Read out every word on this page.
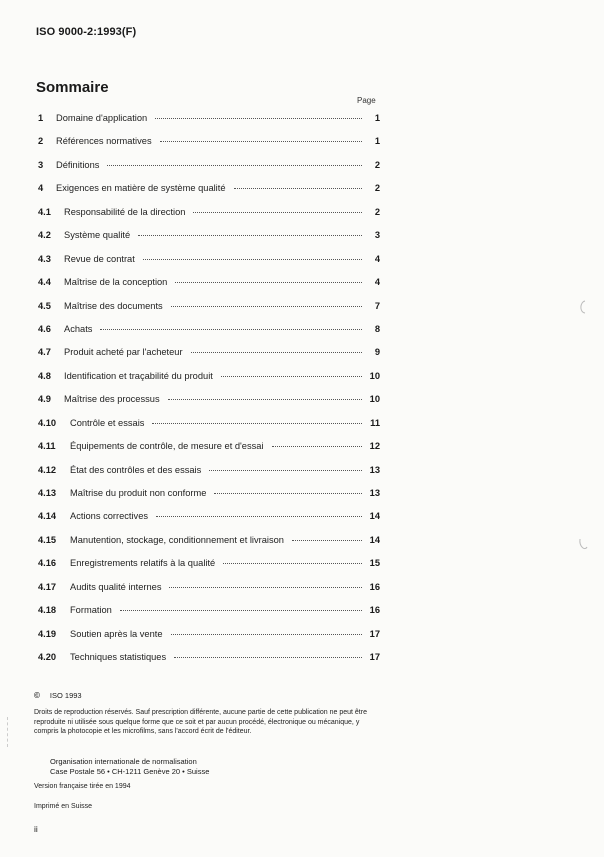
ISO 9000-2:1993(F)
Sommaire
Page
1	Domaine d'application	1
2	Références normatives	1
3	Définitions	2
4	Exigences en matière de système qualité	2
4.1	Responsabilité de la direction	2
4.2	Système qualité	3
4.3	Revue de contrat	4
4.4	Maîtrise de la conception	4
4.5	Maîtrise des documents	7
4.6	Achats	8
4.7	Produit acheté par l'acheteur	9
4.8	Identification et traçabilité du produit	10
4.9	Maîtrise des processus	10
4.10	Contrôle et essais	11
4.11	Équipements de contrôle, de mesure et d'essai	12
4.12	État des contrôles et des essais	13
4.13	Maîtrise du produit non conforme	13
4.14	Actions correctives	14
4.15	Manutention, stockage, conditionnement et livraison	14
4.16	Enregistrements relatifs à la qualité	15
4.17	Audits qualité internes	16
4.18	Formation	16
4.19	Soutien après la vente	17
4.20	Techniques statistiques	17
© ISO 1993
Droits de reproduction réservés. Sauf prescription différente, aucune partie de cette publication ne peut être reproduite ni utilisée sous quelque forme que ce soit et par aucun procédé, électronique ou mécanique, y compris la photocopie et les microfilms, sans l'accord écrit de l'éditeur.
Organisation internationale de normalisation
Case Postale 56 • CH-1211 Genève 20 • Suisse
Version française tirée en 1994
Imprimé en Suisse
ii
